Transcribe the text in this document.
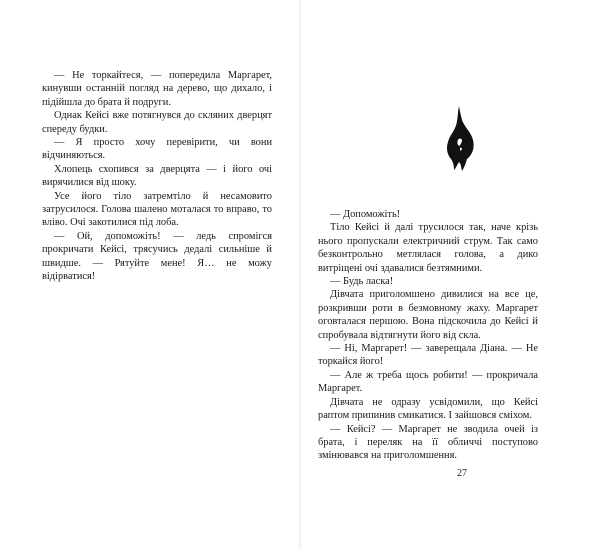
— Не торкайтеся, — попередила Маргарет, кинувши останній погляд на дерево, що дихало, і підійшла до брата й подруги.

Однак Кейсі вже потягнувся до скляних дверцят спереду будки.

— Я просто хочу перевірити, чи вони відчиняються.

Хлопець схопився за дверцята — і його очі вирячилися від шоку.

Усе його тіло затремтіло й несамовито затрусилося. Голова шалено моталася то вправо, то вліво. Очі закотилися під лоба.

— Ой, допоможіть! — ледь спромігся прокричати Кейсі, трясучись дедалі сильніше й швидше. — Рятуйте мене! Я… не можу відірватися!

— Допоможіть!

Тіло Кейсі й далі трусилося так, наче крізь нього пропускали електричний струм. Так само безконтрольно метлялася голова, а дико витріщені очі здавалися безтямними.

— Будь ласка!

Дівчата приголомшено дивилися на все це, розкривши роти в безмовному жаху. Маргарет оговталася першою. Вона підскочила до Кейсі й спробувала відтягнути його від скла.

— Ні, Маргарет! — заверещала Діана. — Не торкайся його!

— Але ж треба щось робити! — прокричала Маргарет.

Дівчата не одразу усвідомили, що Кейсі раптом припинив смикатися. І зайшовся сміхом.

— Кейсі? — Маргарет не зводила очей із брата, і переляк на її обличчі поступово змінювався на приголомшення.

27
